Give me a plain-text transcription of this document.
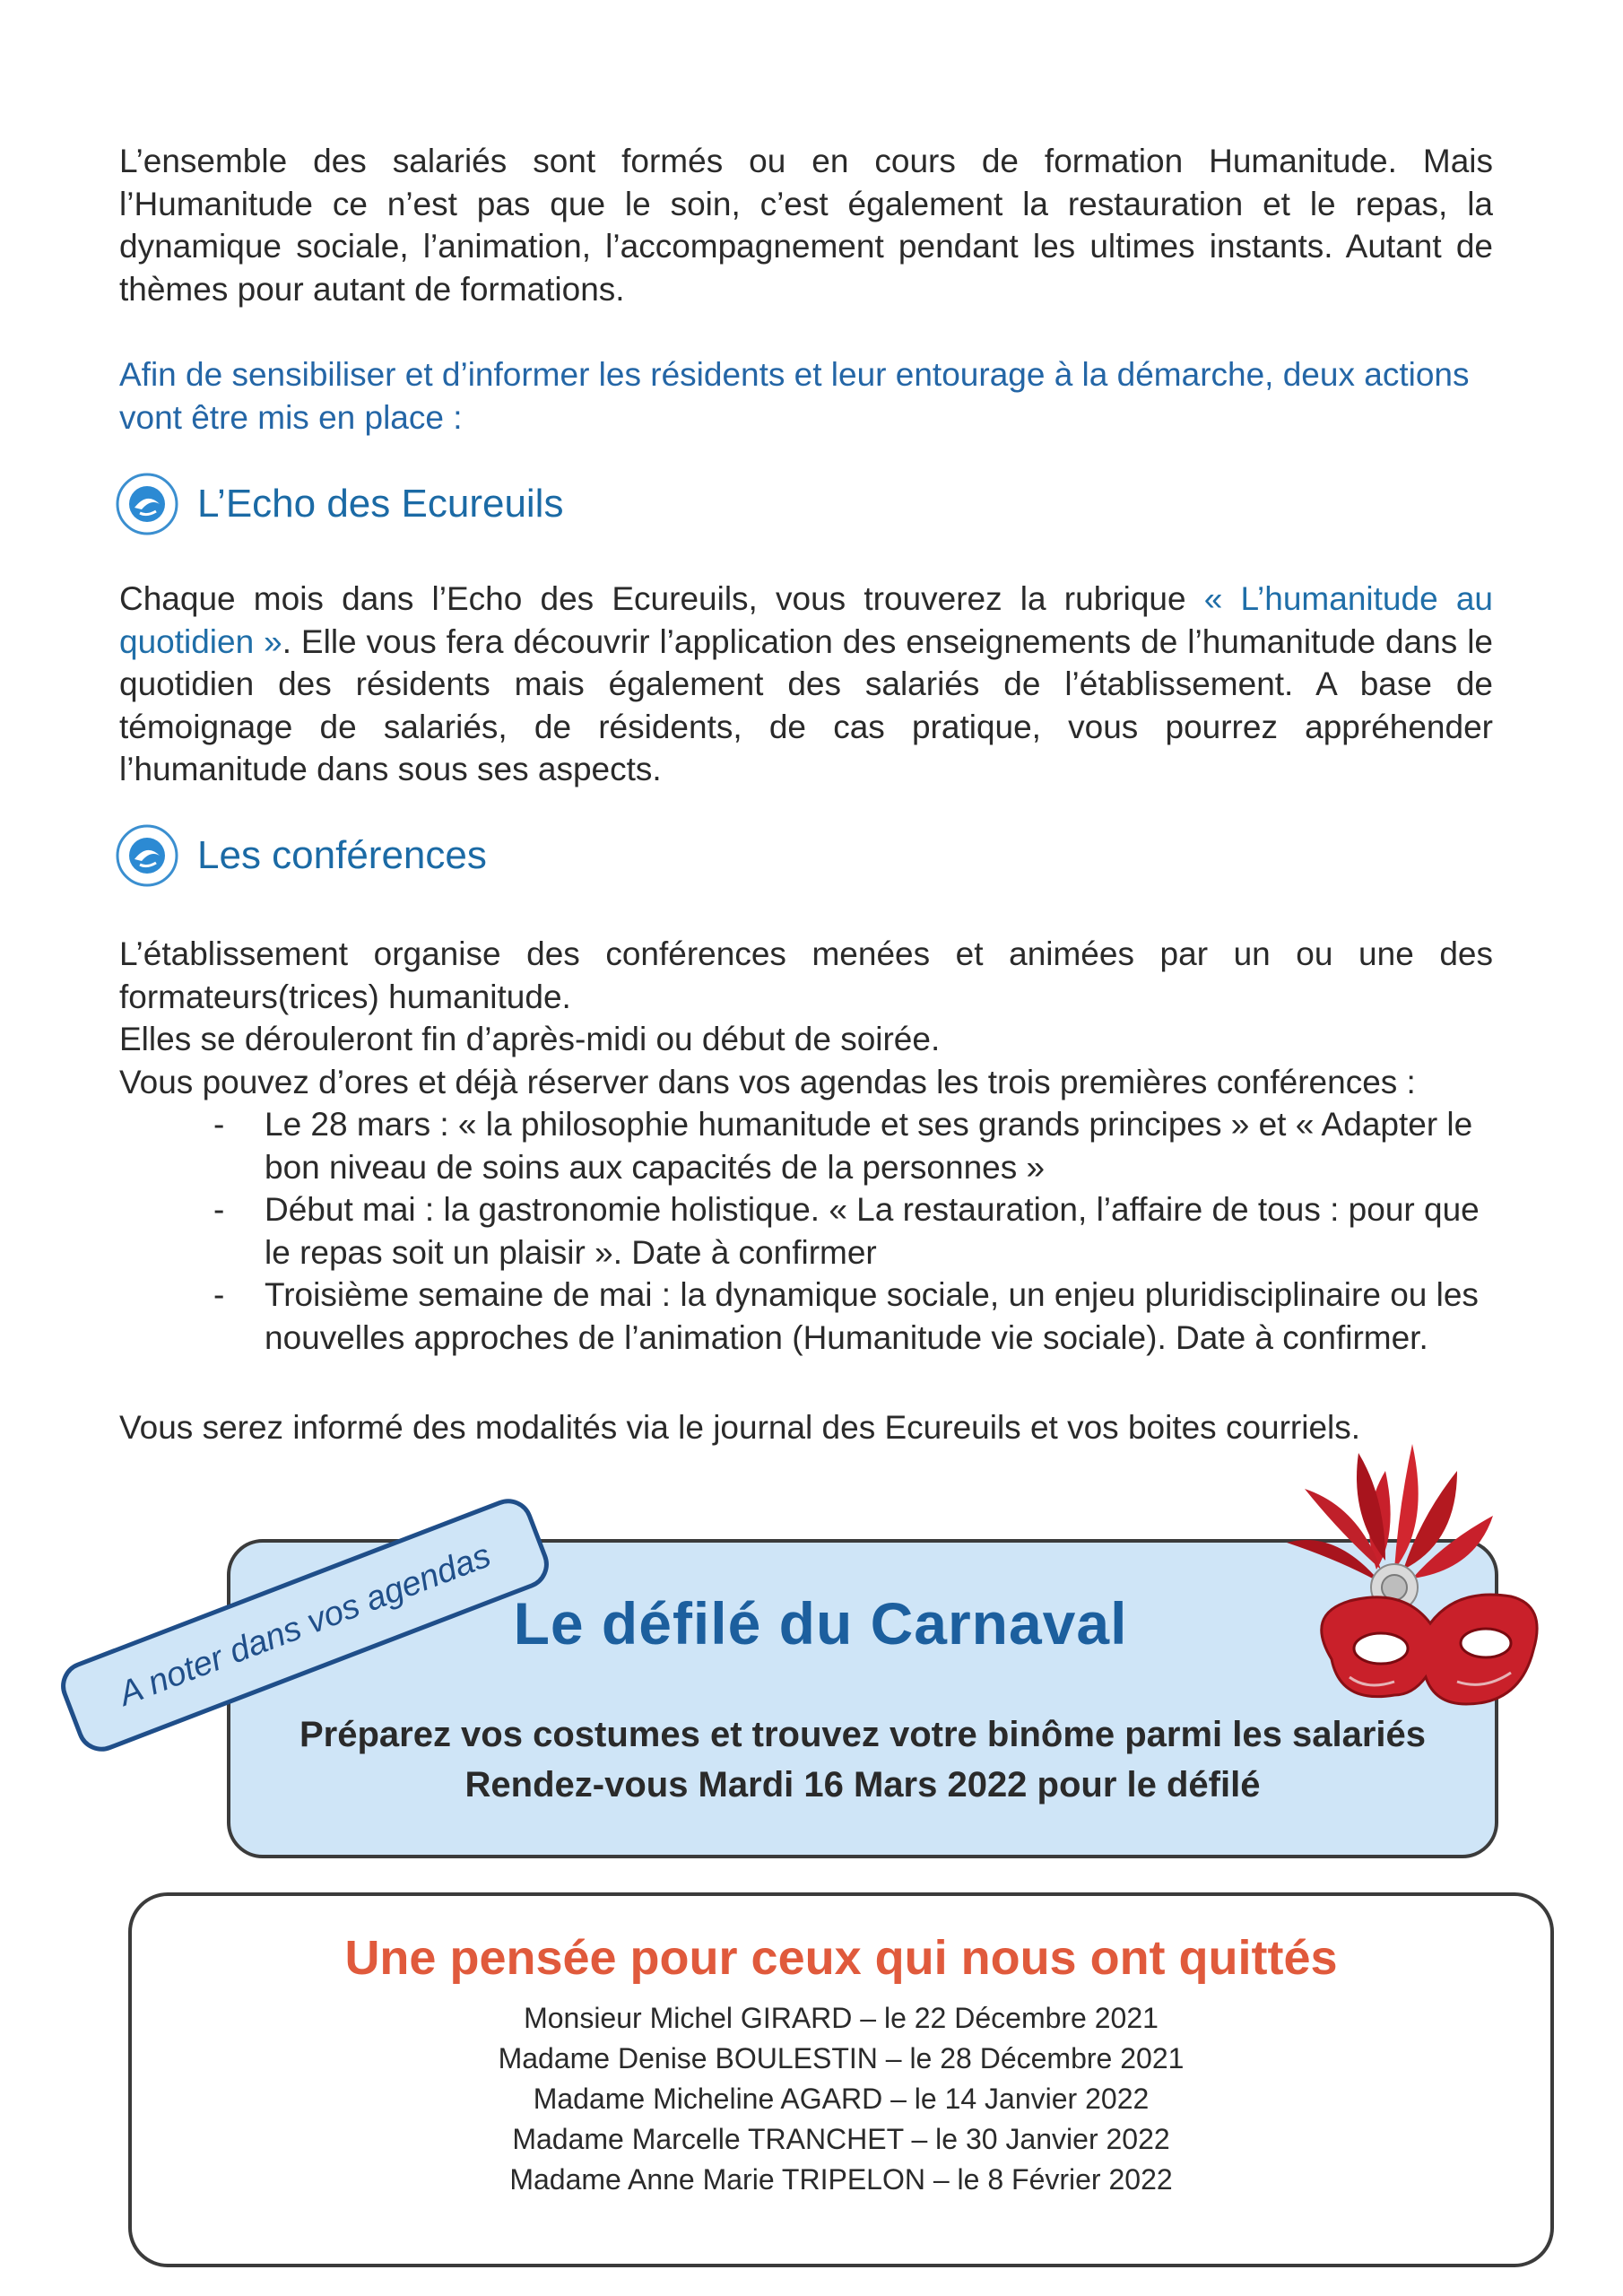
L’ensemble des salariés sont formés ou en cours de formation Humanitude. Mais l’Humanitude ce n’est pas que le soin, c’est également la restauration et le repas, la dynamique sociale, l’animation, l’accompagnement pendant les ultimes instants. Autant de thèmes pour autant de formations.

Afin de sensibiliser et d’informer les résidents et leur entourage à la démarche, deux actions vont être mis en place :

L’Echo des Ecureuils

Chaque mois dans l’Echo des Ecureuils, vous trouverez la rubrique « L’humanitude au quotidien ». Elle vous fera découvrir l’application des enseignements de l’humanitude dans le quotidien des résidents mais également des salariés de l’établissement. A base de témoignage de salariés, de résidents, de cas pratique, vous pourrez appréhender l’humanitude dans sous ses aspects.

Les conférences

L’établissement organise des conférences menées et animées par un ou une des formateurs(trices) humanitude.

Elles se dérouleront fin d’après-midi ou début de soirée.

Vous pouvez d’ores et déjà réserver dans vos agendas les trois premières conférences :

- Le 28 mars : « la philosophie humanitude et ses grands principes » et « Adapter le bon niveau de soins aux capacités de la personnes »
- Début mai : la gastronomie holistique. « La restauration, l’affaire de tous : pour que le repas soit un plaisir ». Date à confirmer
- Troisième semaine de mai : la dynamique sociale, un enjeu pluridisciplinaire ou les nouvelles approches de l’animation (Humanitude vie sociale). Date à confirmer.

Vous serez informé des modalités via le journal des Ecureuils et vos boites courriels.

Le défilé du Carnaval
Préparez vos costumes et trouvez votre binôme parmi les salariés
Rendez-vous Mardi 16 Mars 2022 pour le défilé
A noter dans vos agendas
Une pensée pour ceux qui nous ont quittés
Monsieur Michel GIRARD – le 22 Décembre 2021
Madame Denise BOULESTIN – le 28 Décembre 2021
Madame Micheline AGARD – le 14 Janvier 2022
Madame Marcelle TRANCHET – le 30 Janvier 2022
Madame Anne Marie TRIPELON – le 8 Février 2022
